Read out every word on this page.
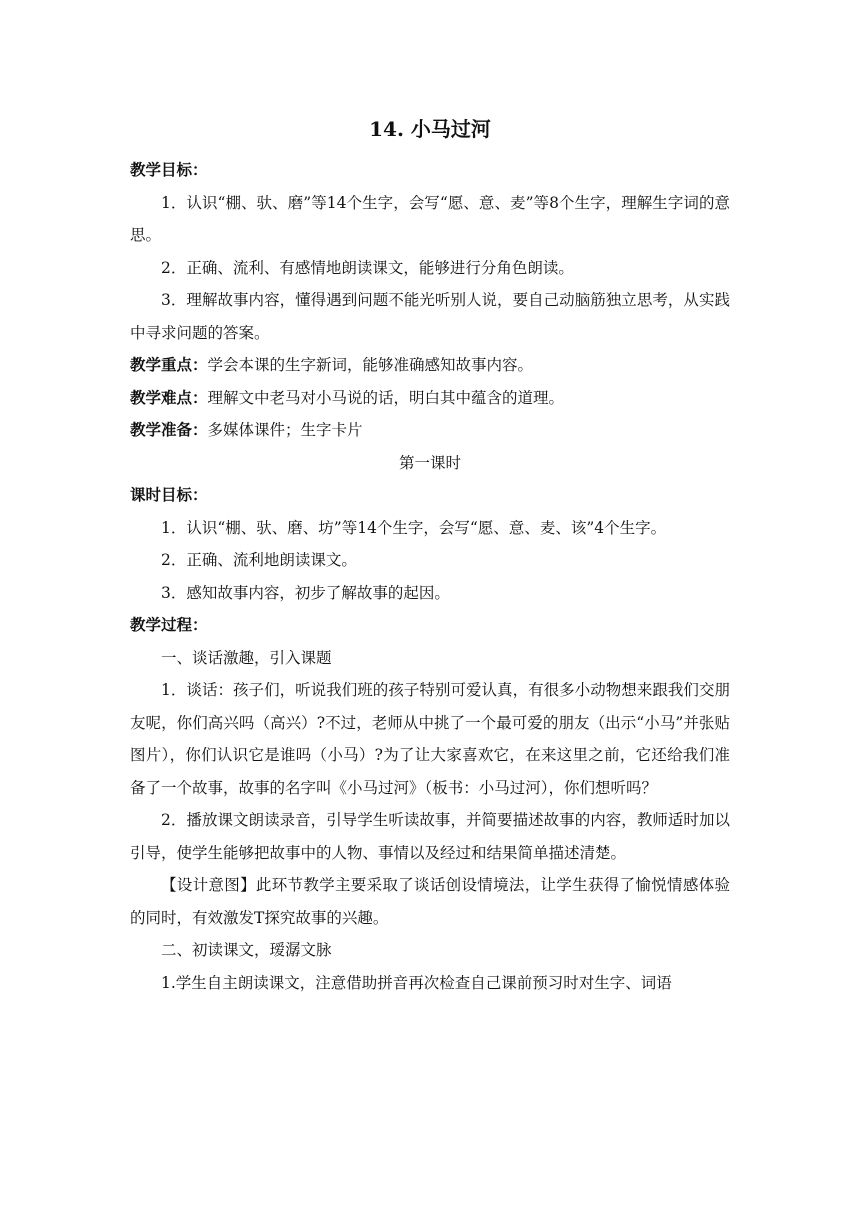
14. 小马过河

教学目标：

1．认识“棚、驮、磨”等14个生字，会写“愿、意、麦”等8个生字，理解生字词的意思。

2．正确、流利、有感情地朗读课文，能够进行分角色朗读。

3．理解故事内容，懂得遇到问题不能光听别人说，要自己动脑筋独立思考，从实践中寻求问题的答案。

教学重点：学会本课的生字新词，能够准确感知故事内容。

教学难点：理解文中老马对小马说的话，明白其中蕴含的道理。

教学准备：多媒体课件；生字卡片

第一课时

课时目标：

1．认识“棚、驮、磨、坊”等14个生字，会写“愿、意、麦、该”4个生字。

2．正确、流利地朗读课文。

3．感知故事内容，初步了解故事的起因。

教学过程：

一、谈话激趣，引入课题

1．谈话：孩子们，听说我们班的孩子特别可爱认真，有很多小动物想来跟我们交朋友呢，你们高兴吗（高兴）?不过，老师从中挑了一个最可爱的朋友（出示“小马”并张贴图片），你们认识它是谁吗（小马）?为了让大家喜欢它，在来这里之前，它还给我们准备了一个故事，故事的名字叫《小马过河》（板书：小马过河），你们想听吗？

2．播放课文朗读录音，引导学生听读故事，并简要描述故事的内容，教师适时加以引导，使学生能够把故事中的人物、事情以及经过和结果简单描述清楚。

【设计意图】此环节教学主要采取了谈话创设情境法，让学生获得了愉悦情感体验的同时，有效激发T探究故事的兴趣。

二、初读课文，瑷潺文脉

1.学生自主朗读课文，注意借助拼音再次检查自己课前预习时对生字、词语
